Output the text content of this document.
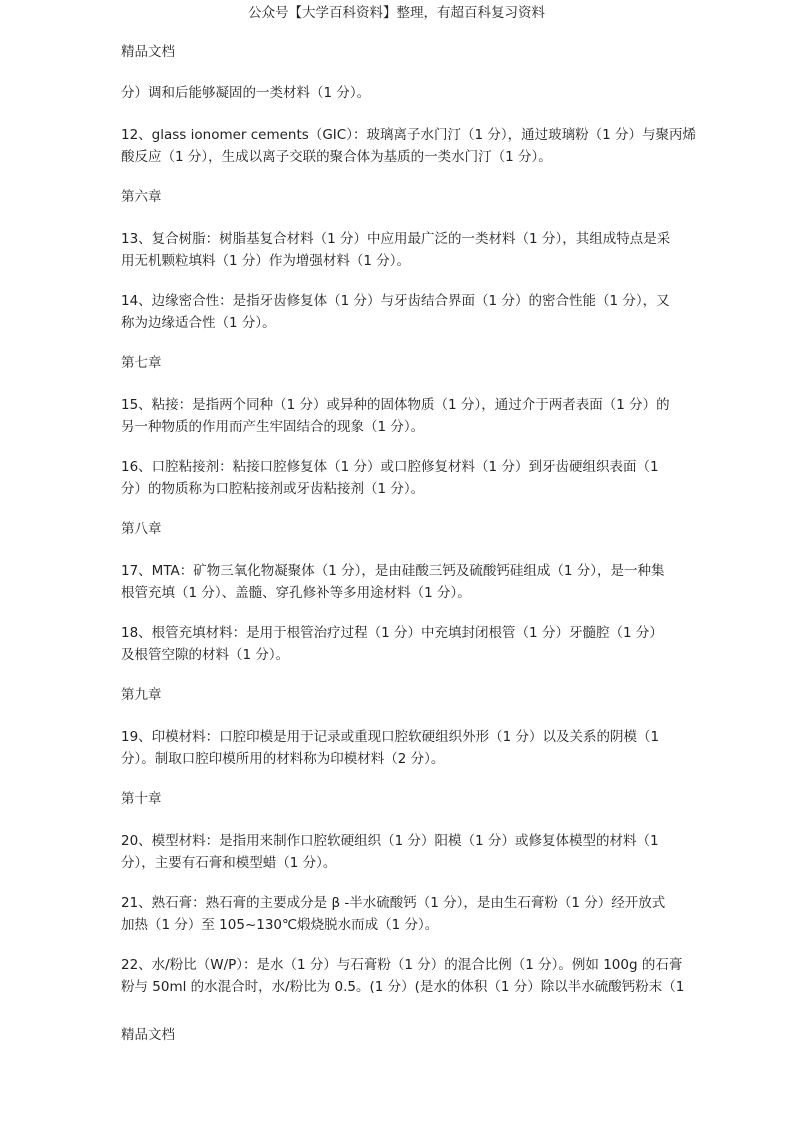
公众号【大学百科资料】整理，有超百科复习资料
精品文档
分）调和后能够凝固的一类材料（1 分）。
12、glass ionomer cements（GIC）：玻璃离子水门汀（1 分），通过玻璃粉（1 分）与聚丙烯
酸反应（1 分），生成以离子交联的聚合体为基质的一类水门汀（1 分）。
第六章
13、复合树脂：树脂基复合材料（1 分）中应用最广泛的一类材料（1 分），其组成特点是采
用无机颗粒填料（1 分）作为增强材料（1 分）。
14、边缘密合性：是指牙齿修复体（1 分）与牙齿结合界面（1 分）的密合性能（1 分），又
称为边缘适合性（1 分）。
第七章
15、粘接：是指两个同种（1 分）或异种的固体物质（1 分），通过介于两者表面（1 分）的
另一种物质的作用而产生牢固结合的现象（1 分）。
16、口腔粘接剂：粘接口腔修复体（1 分）或口腔修复材料（1 分）到牙齿硬组织表面（1
分）的物质称为口腔粘接剂或牙齿粘接剂（1 分）。
第八章
17、MTA：矿物三氧化物凝聚体（1 分），是由硅酸三钙及硫酸钙硅组成（1 分），是一种集
根管充填（1 分）、盖髓、穿孔修补等多用途材料（1 分）。
18、根管充填材料：是用于根管治疗过程（1 分）中充填封闭根管（1 分）牙髓腔（1 分）
及根管空隙的材料（1 分）。
第九章
19、印模材料：口腔印模是用于记录或重现口腔软硬组织外形（1 分）以及关系的阴模（1
分）。制取口腔印模所用的材料称为印模材料（2 分）。
第十章
20、模型材料：是指用来制作口腔软硬组织（1 分）阳模（1 分）或修复体模型的材料（1
分），主要有石膏和模型蜡（1 分）。
21、熟石膏：熟石膏的主要成分是 β -半水硫酸钙（1 分），是由生石膏粉（1 分）经开放式
加热（1 分）至 105~130℃煅烧脱水而成（1 分）。
22、水/粉比（W/P）：是水（1 分）与石膏粉（1 分）的混合比例（1 分）。例如 100g 的石膏
粉与 50ml 的水混合时，水/粉比为 0.5。(1 分）(是水的体积（1 分）除以半水硫酸钙粉末（1
精品文档
